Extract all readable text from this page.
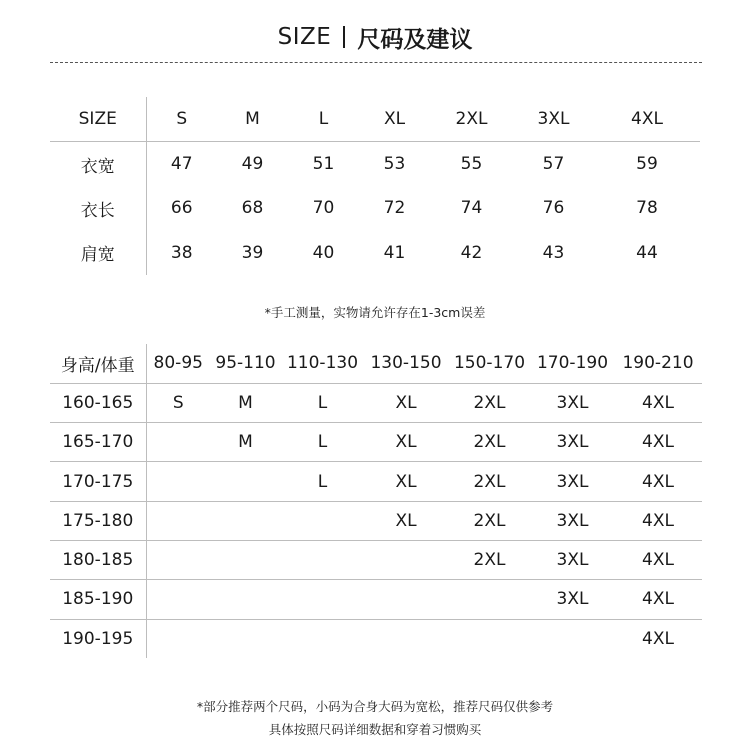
SIZE 尺码及建议
SIZE	S	M	L	XL	2XL	3XL	4XL
衣宽	47	49	51	53	55	57	59
衣长	66	68	70	72	74	76	78
肩宽	38	39	40	41	42	43	44
*手工测量，实物请允许存在1-3cm误差
身高/体重	80-95	95-110	110-130	130-150	150-170	170-190	190-210
160-165	S	M	L	XL	2XL	3XL	4XL
165-170		M	L	XL	2XL	3XL	4XL
170-175			L	XL	2XL	3XL	4XL
175-180				XL	2XL	3XL	4XL
180-185					2XL	3XL	4XL
185-190						3XL	4XL
190-195							4XL
*部分推荐两个尺码，小码为合身大码为宽松，推荐尺码仅供参考
具体按照尺码详细数据和穿着习惯购买
